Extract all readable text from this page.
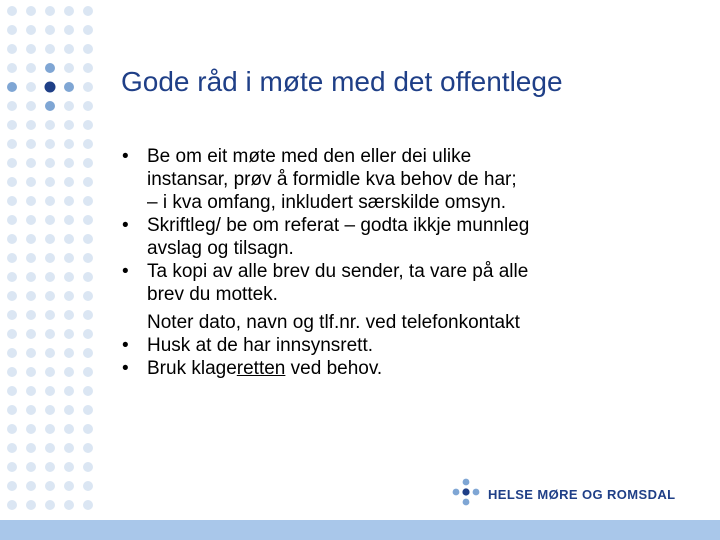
Gode råd i møte med det offentlege
• Be om eit møte med den eller dei ulike
instansar, prøv å formidle kva behov de har;
– i kva omfang, inkludert særskilde omsyn.
• Skriftleg/ be om referat – godta ikkje munnleg
avslag og tilsagn.
• Ta kopi av alle brev du sender, ta vare på alle
brev du mottek.
Noter dato, navn og tlf.nr. ved telefonkontakt
• Husk at de har innsynsrett.
• Bruk klageretten ved behov.
HELSE MØRE OG ROMSDAL
